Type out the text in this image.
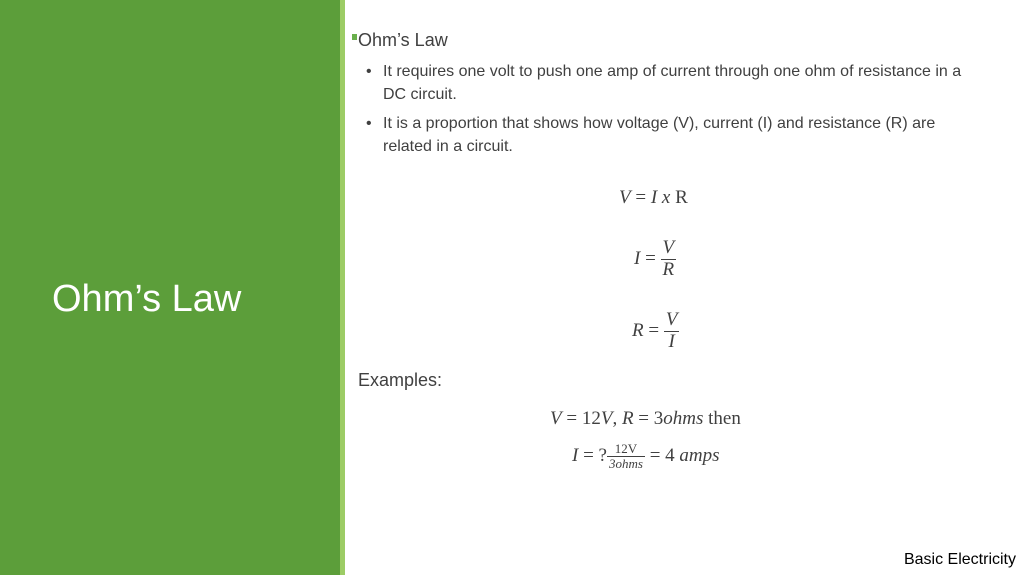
Ohm’s Law
Ohm’s Law
• It requires one volt to push one amp of current through one ohm of resistance in a DC circuit.
• It is a proportion that shows how voltage (V), current (I) and resistance (R) are related in a circuit.
V = I x R
$I = \frac{V}{R}$
$R = \frac{V}{I}$
Examples:
V = 12V, R = 3ohms then
I = ? $\frac{12V}{\text{3ohms}} = 4$ amps
Basic Electricity
